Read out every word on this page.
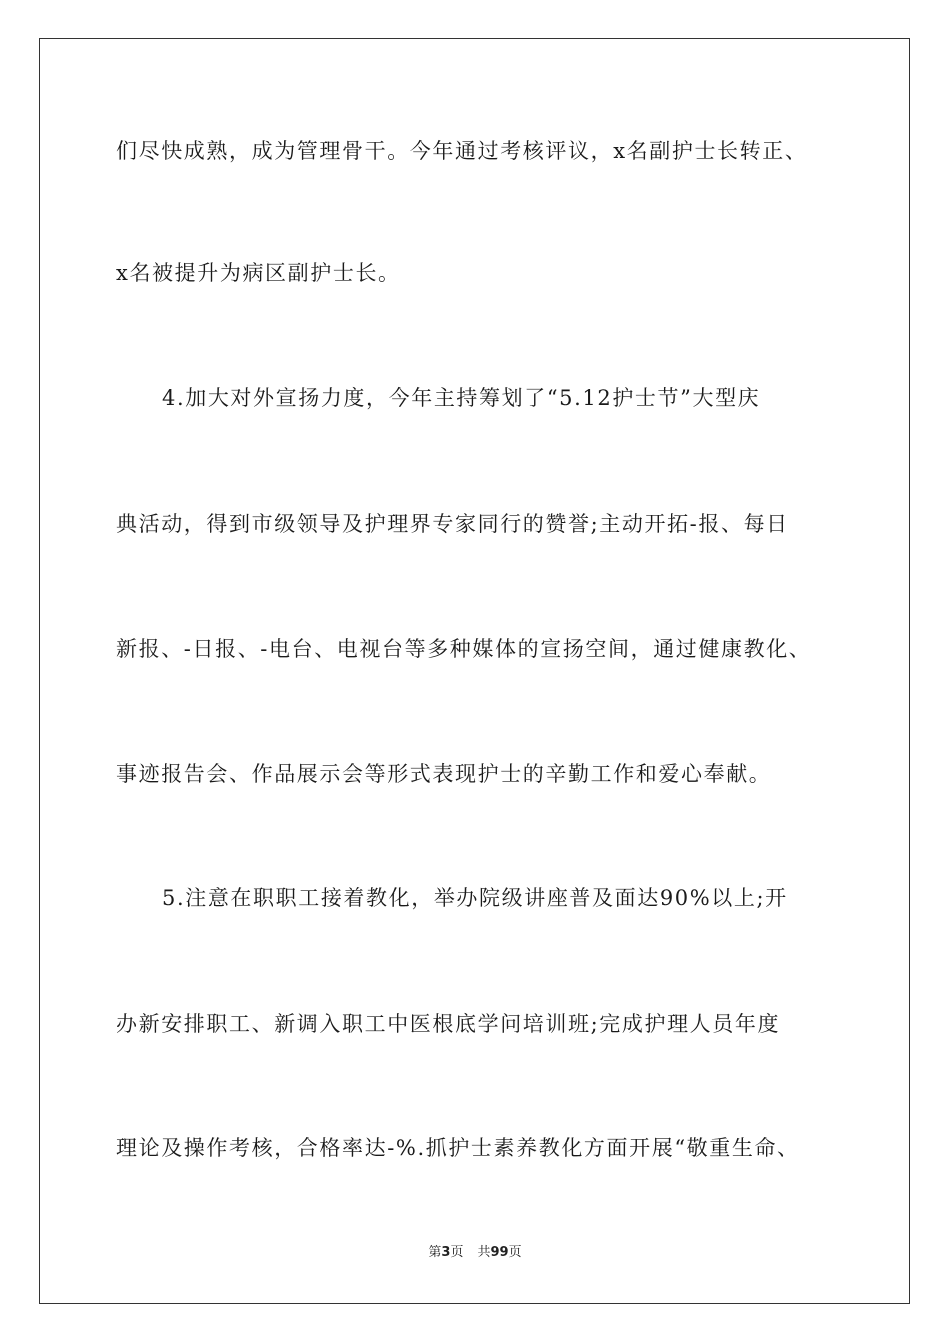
们尽快成熟，成为管理骨干。今年通过考核评议，x名副护士长转正、
x名被提升为病区副护士长。
4.加大对外宣扬力度，今年主持筹划了“5.12护士节”大型庆
典活动，得到市级领导及护理界专家同行的赞誉;主动开拓-报、每日
新报、-日报、-电台、电视台等多种媒体的宣扬空间，通过健康教化、
事迹报告会、作品展示会等形式表现护士的辛勤工作和爱心奉献。
5.注意在职职工接着教化，举办院级讲座普及面达90%以上;开
办新安排职工、新调入职工中医根底学问培训班;完成护理人员年度
理论及操作考核，合格率达-%.抓护士素养教化方面开展“敬重生命、
第3页 共99页
